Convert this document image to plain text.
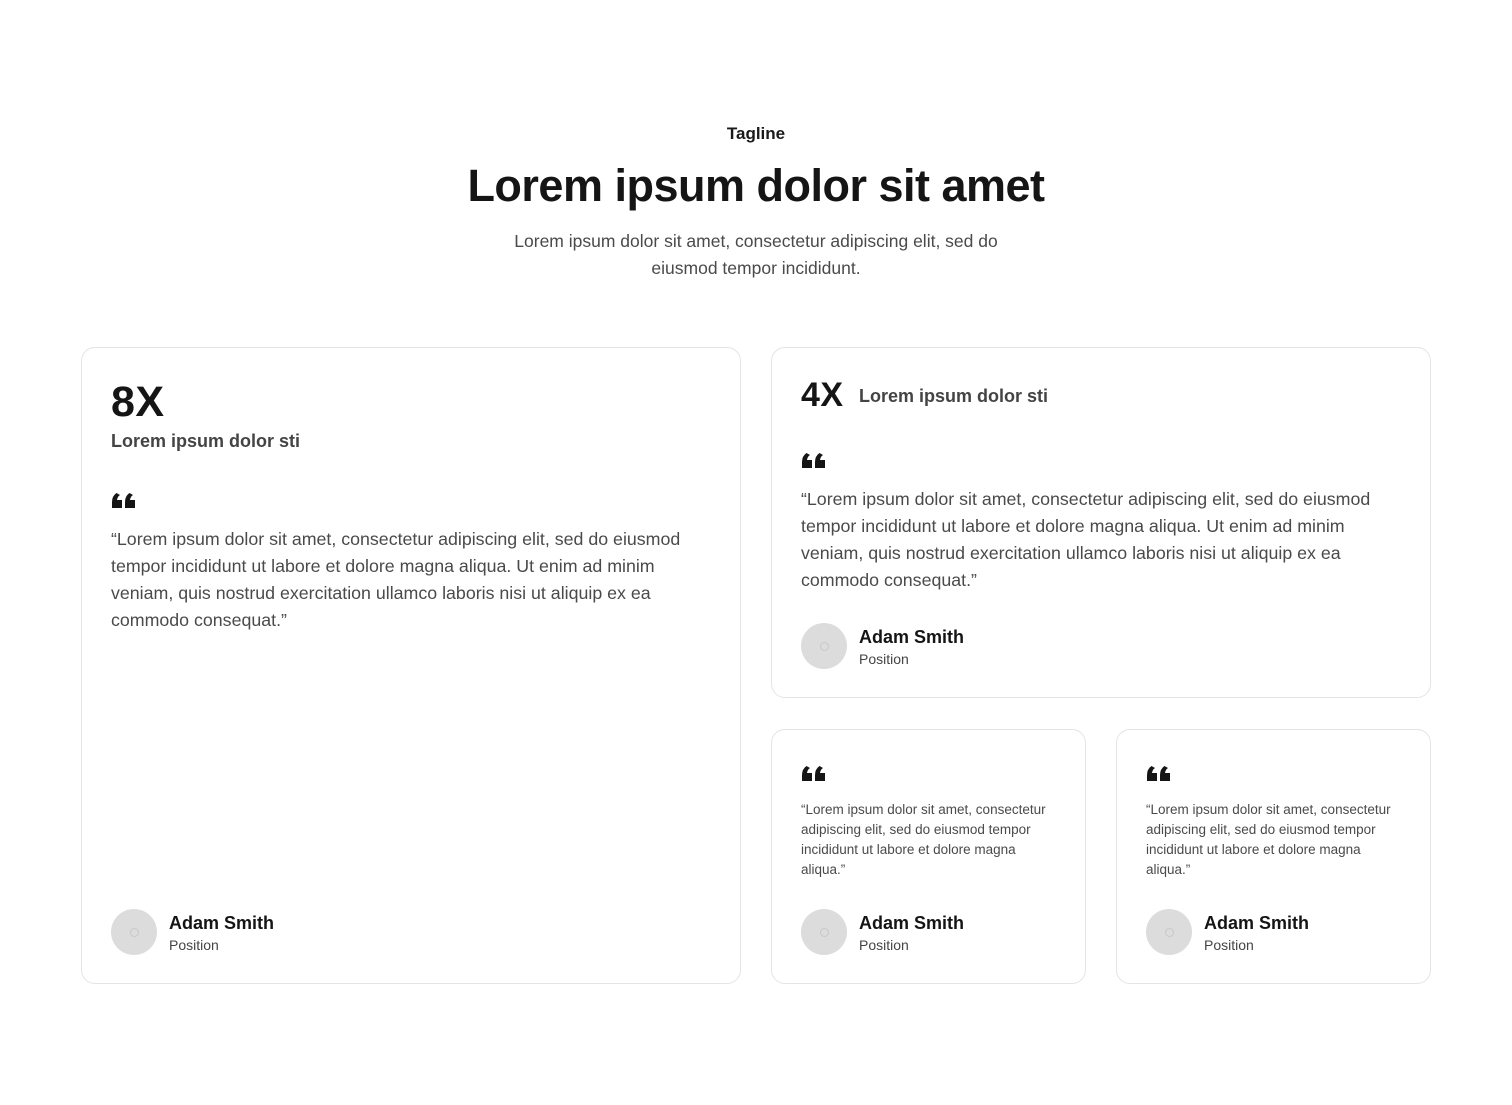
Tagline
Lorem ipsum dolor sit amet

Lorem ipsum dolor sit amet, consectetur adipiscing elit, sed do eiusmod tempor incididunt.

8X
Lorem ipsum dolor sti

“Lorem ipsum dolor sit amet, consectetur adipiscing elit, sed do eiusmod tempor incididunt ut labore et dolore magna aliqua. Ut enim ad minim veniam, quis nostrud exercitation ullamco laboris nisi ut aliquip ex ea commodo consequat.”

Adam Smith
Position
4X Lorem ipsum dolor sti

“Lorem ipsum dolor sit amet, consectetur adipiscing elit, sed do eiusmod tempor incididunt ut labore et dolore magna aliqua. Ut enim ad minim veniam, quis nostrud exercitation ullamco laboris nisi ut aliquip ex ea commodo consequat.”

Adam Smith
Position

“Lorem ipsum dolor sit amet, consectetur adipiscing elit, sed do eiusmod tempor incididunt ut labore et dolore magna aliqua.”

Adam Smith
Position

“Lorem ipsum dolor sit amet, consectetur adipiscing elit, sed do eiusmod tempor incididunt ut labore et dolore magna aliqua.”

Adam Smith
Position
